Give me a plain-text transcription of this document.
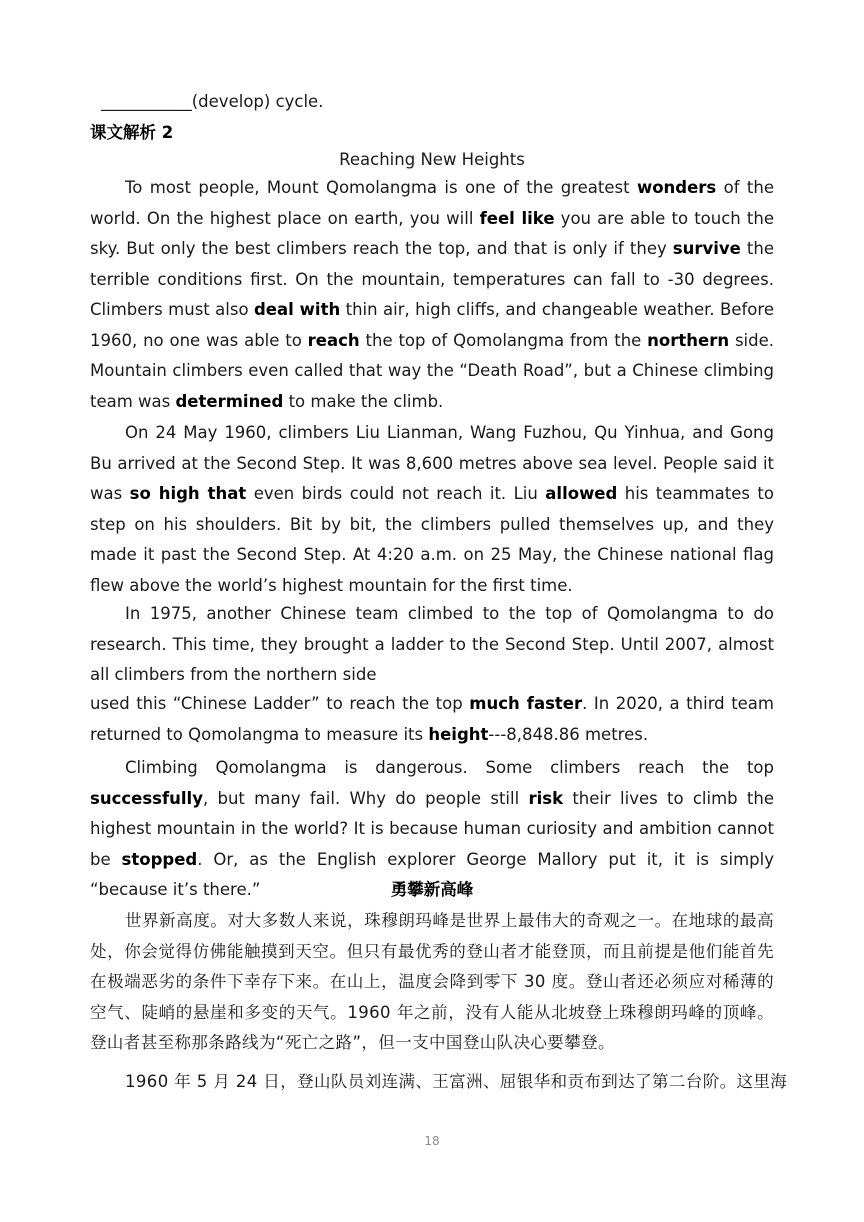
___________(develop) cycle.

课文解析 2

Reaching New Heights

To most people, Mount Qomolangma is one of the greatest wonders of the world. On the highest place on earth, you will feel like you are able to touch the sky. But only the best climbers reach the top, and that is only if they survive the terrible conditions first. On the mountain, temperatures can fall to -30 degrees. Climbers must also deal with thin air, high cliffs, and changeable weather. Before 1960, no one was able to reach the top of Qomolangma from the northern side. Mountain climbers even called that way the “Death Road”, but a Chinese climbing team was determined to make the climb.

On 24 May 1960, climbers Liu Lianman, Wang Fuzhou, Qu Yinhua, and Gong Bu arrived at the Second Step. It was 8,600 metres above sea level. People said it was so high that even birds could not reach it. Liu allowed his teammates to step on his shoulders. Bit by bit, the climbers pulled themselves up, and they made it past the Second Step. At 4:20 a.m. on 25 May, the Chinese national flag flew above the world’s highest mountain for the first time.

In 1975, another Chinese team climbed to the top of Qomolangma to do research. This time, they brought a ladder to the Second Step. Until 2007, almost all climbers from the northern side

used this “Chinese Ladder” to reach the top much faster. In 2020, a third team returned to Qomolangma to measure its height---8,848.86 metres.

Climbing Qomolangma is dangerous. Some climbers reach the top successfully, but many fail. Why do people still risk their lives to climb the highest mountain in the world? It is because human curiosity and ambition cannot be stopped. Or, as the English explorer George Mallory put it, it is simply “because it’s there.”	勇攀新高峰

世界新高度。对大多数人来说，珠穆朗玛峰是世界上最伟大的奇观之一。在地球的最高处，你会觉得仿佛能触摸到天空。但只有最优秀的登山者才能登顶，而且前提是他们能首先在极端恶劣的条件下幸存下来。在山上，温度会降到零下 30 度。登山者还必须应对稀薄的空气、陡峭的悬崖和多变的天气。1960 年之前，没有人能从北坡登上珠穆朗玛峰的顶峰。登山者甚至称那条路线为“死亡之路”，但一支中国登山队决心要攀登。

1960 年 5 月 24 日，登山队员刘连满、王富洲、屈银华和贡布到达了第二台阶。这里海

18
